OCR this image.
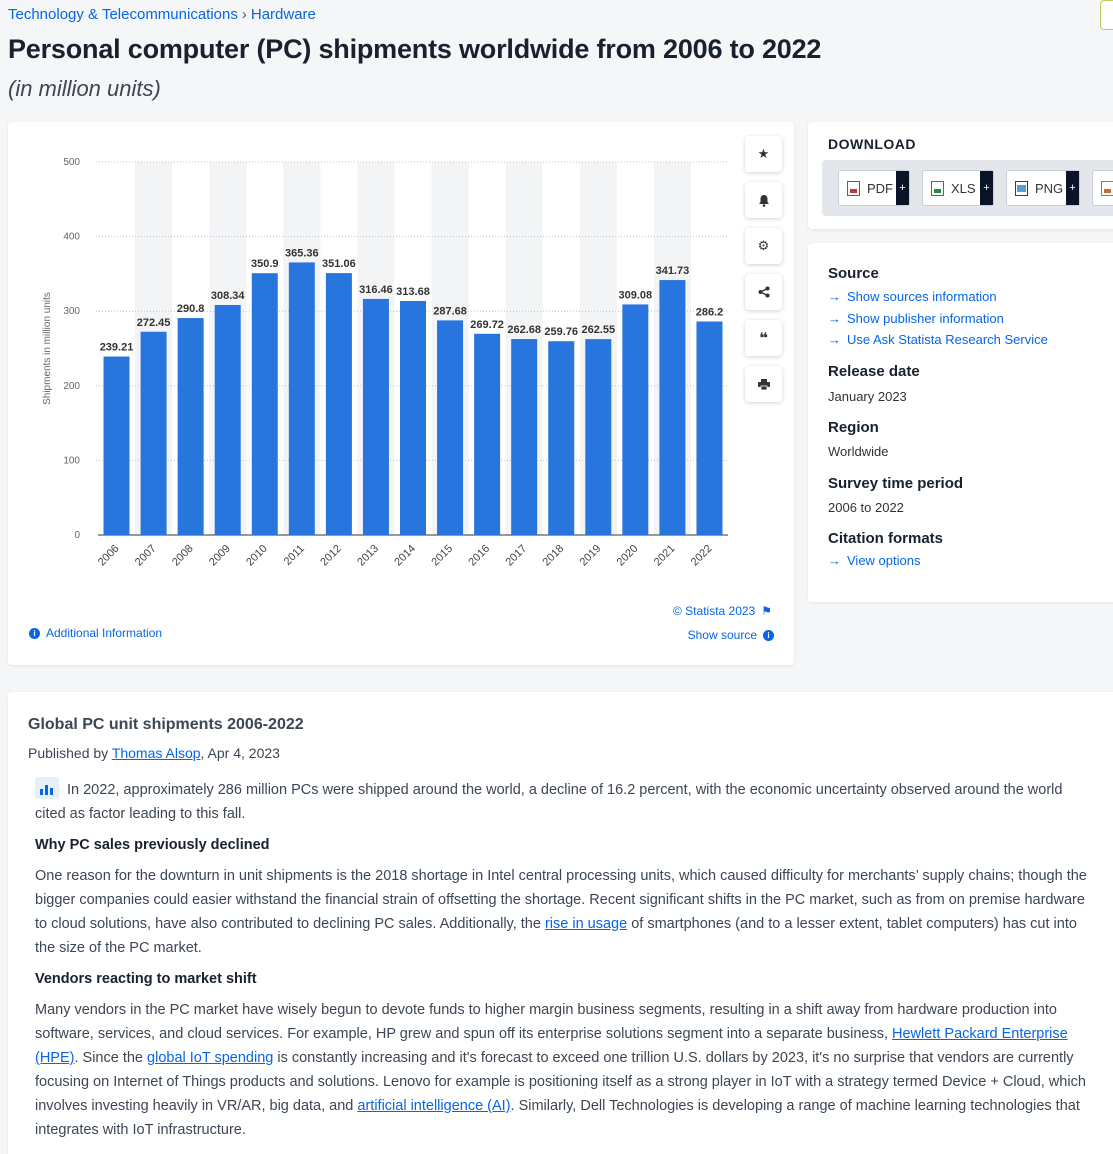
Technology & Telecommunications › Hardware
Personal computer (PC) shipments worldwide from 2006 to 2022
(in million units)
0
100
200
300
400
500
Shipments in million units	239.21
2006
272.45
2007
290.8
2008
308.34
2009
350.9
2010
365.36
2011
351.06
2012
316.46
2013
313.68
2014
287.68
2015
269.72
2016
262.68
2017
259.76
2018
262.55
2019
309.08
2020
341.73
2021
286.2
2022
★
⚙
❝
© Statista 2023 ⚑
Show source	i
i Additional Information
DOWNLOAD
PDF +	XLS +	PNG +
Source
→ Show sources information
→ Show publisher information
→ Use Ask Statista Research Service
Release date
January 2023
Region
Worldwide
Survey time period
2006 to 2022
Citation formats
→ View options
Global PC unit shipments 2006-2022
Published by Thomas Alsop, Apr 4, 2023

In 2022, approximately 286 million PCs were shipped around the world, a decline of 16.2 percent, with the economic uncertainty observed around the world cited as factor leading to this fall.

Why PC sales previously declined

One reason for the downturn in unit shipments is the 2018 shortage in Intel central processing units, which caused difficulty for merchants’ supply chains; though the bigger companies could easier withstand the financial strain of offsetting the shortage. Recent significant shifts in the PC market, such as from on premise hardware to cloud solutions, have also contributed to declining PC sales. Additionally, the rise in usage of smartphones (and to a lesser extent, tablet computers) has cut into the size of the PC market.

Vendors reacting to market shift

Many vendors in the PC market have wisely begun to devote funds to higher margin business segments, resulting in a shift away from hardware production into software, services, and cloud services. For example, HP grew and spun off its enterprise solutions segment into a separate business, Hewlett Packard Enterprise (HPE). Since the global IoT spending is constantly increasing and it's forecast to exceed one trillion U.S. dollars by 2023, it's no surprise that vendors are currently focusing on Internet of Things products and solutions. Lenovo for example is positioning itself as a strong player in IoT with a strategy termed Device + Cloud, which involves investing heavily in VR/AR, big data, and artificial intelligence (AI). Similarly, Dell Technologies is developing a range of machine learning technologies that integrates with IoT infrastructure.
